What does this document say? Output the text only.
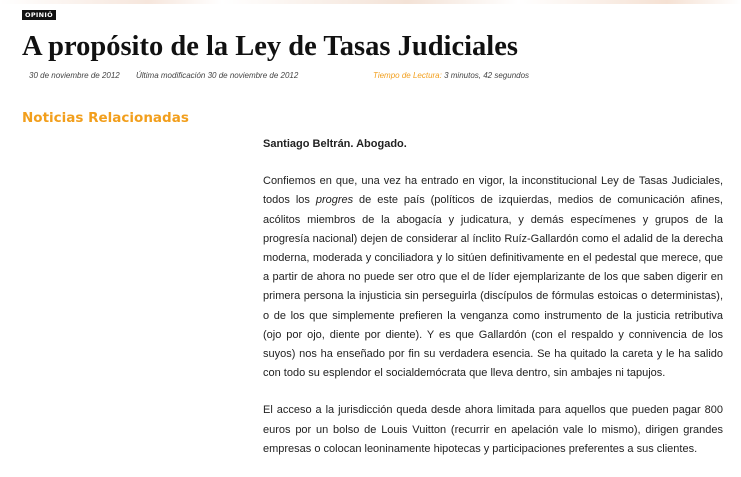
OPINIÓ
A propósito de la Ley de Tasas Judiciales
30 de noviembre de 2012 Última modificación 30 de noviembre de 2012	Tiempo de Lectura: 3 minutos, 42 segundos
Noticias Relacionadas

Santiago Beltrán. Abogado.

Confiemos en que, una vez ha entrado en vigor, la inconstitucional Ley de Tasas Judiciales, todos los progres de este país (políticos de izquierdas, medios de comunicación afines, acólitos miembros de la abogacía y judicatura, y demás especímenes y grupos de la progresía nacional) dejen de considerar al ínclito Ruíz-Gallardón como el adalid de la derecha moderna, moderada y conciliadora y lo sitúen definitivamente en el pedestal que merece, que a partir de ahora no puede ser otro que el de líder ejemplarizante de los que saben digerir en primera persona la injusticia sin perseguirla (discípulos de fórmulas estoicas o deterministas), o de los que simplemente prefieren la venganza como instrumento de la justicia retributiva (ojo por ojo, diente por diente). Y es que Gallardón (con el respaldo y connivencia de los suyos) nos ha enseñado por fin su verdadera esencia. Se ha quitado la careta y le ha salido con todo su esplendor el socialdemócrata que lleva dentro, sin ambajes ni tapujos.

El acceso a la jurisdicción queda desde ahora limitada para aquellos que pueden pagar 800 euros por un bolso de Louis Vuitton (recurrir en apelación vale lo mismo), dirigen grandes empresas o colocan leoninamente hipotecas y participaciones preferentes a sus clientes.
